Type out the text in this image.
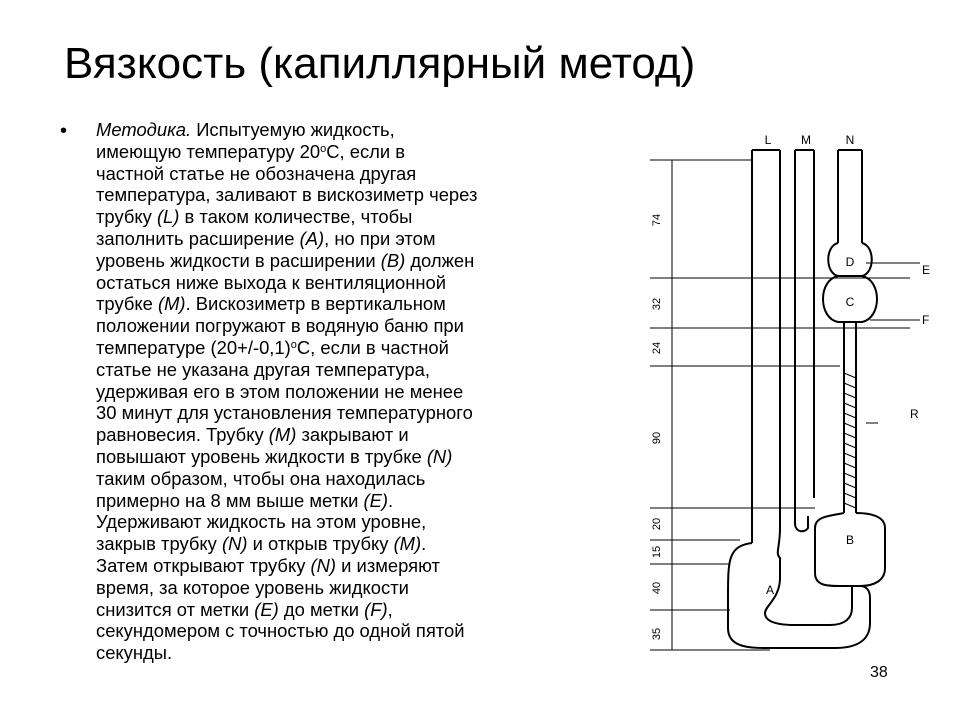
Вязкость (капиллярный метод)
• Методика. Испытуемую жидкость,
имеющую температуру $20^оС$, если в
частной статье не обозначена другая
температура, заливают в вискозиметр через
трубку (L) в таком количестве, чтобы
заполнить расширение (A), но при этом
уровень жидкости в расширении (B) должен
остаться ниже выхода к вентиляционной
трубке (M). Вискозиметр в вертикальном
положении погружают в водяную баню при
температуре $(20+/-0,1)^оС$, если в частной
статье не указана другая температура,
удерживая его в этом положении не менее
30 минут для установления температурного
равновесия. Трубку (M) закрывают и
повышают уровень жидкости в трубке (N)
таким образом, чтобы она находилась
примерно на 8 мм выше метки (E).
Удерживают жидкость на этом уровне,
закрыв трубку (N) и открыв трубку (M).
Затем открывают трубку (N) и измеряют
время, за которое уровень жидкости
снизится от метки (E) до метки (F),
секундомером с точностью до одной пятой
секунды.
L M	N
D
C
B
A
E
F
R
74
32
24
90
20
15
40
35
38
